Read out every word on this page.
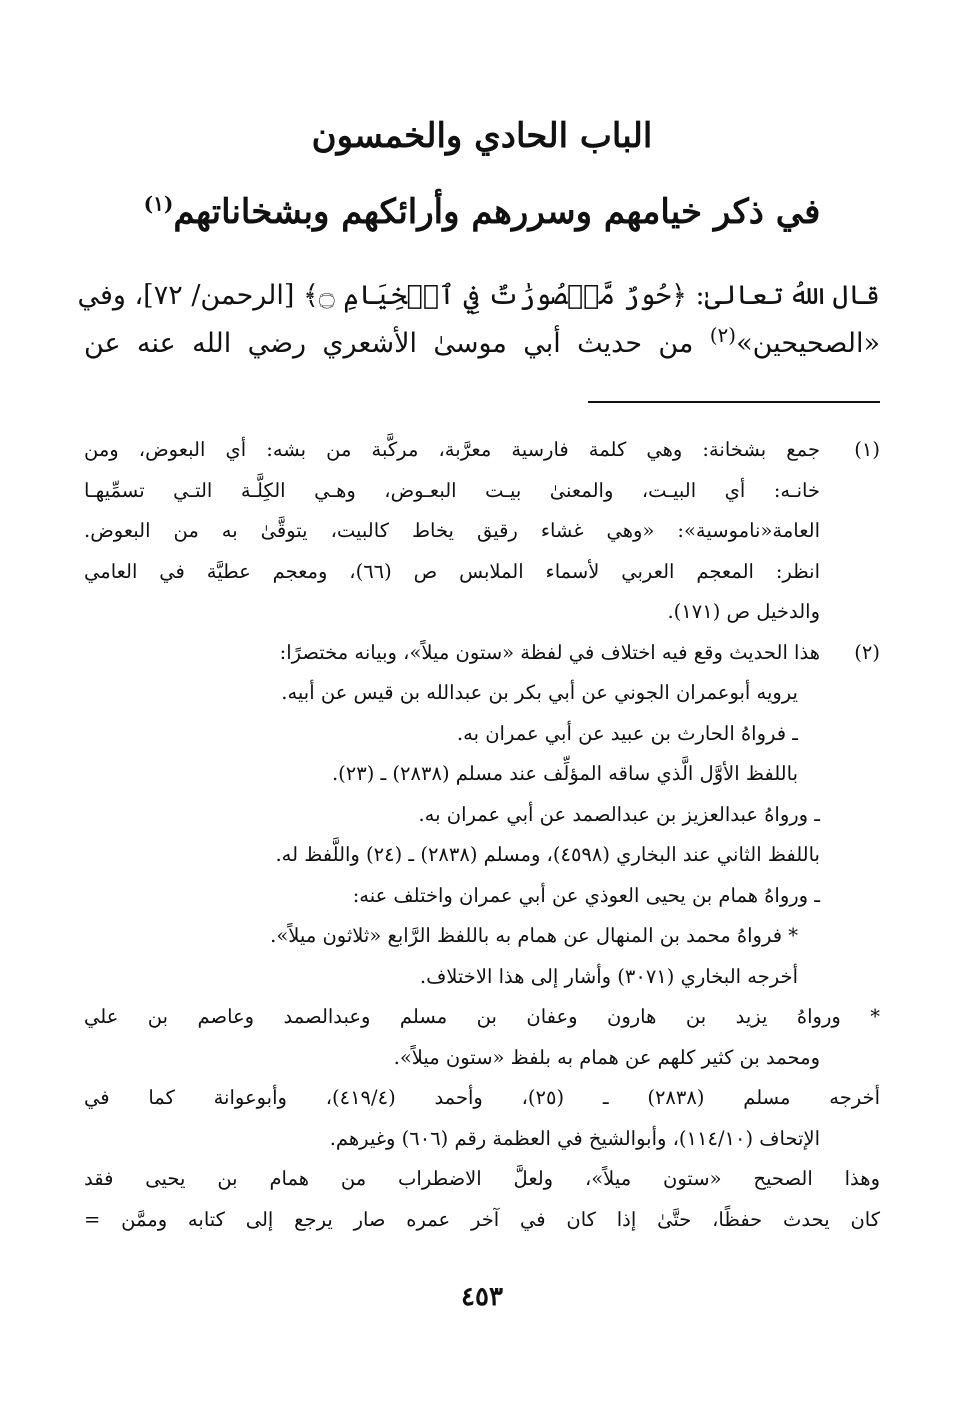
الباب الحادي والخمسون
في ذكر خيامهم وسررهم وأرائكهم وبشخاناتهم$^{(١)}$
قال اللهُ تعالىٰ: ﴿حُورٌ مَّقۡصُورَٰتٌ فِي ٱلۡخِيَامِ ۝﴾ [الرحمن/ ٧٢]، وفي
«الصحيحين»$^{(٢)}$ من حديث أبي موسىٰ الأشعري رضي الله عنه عن
(١)
جمع بشخانة: وهي كلمة فارسية معرَّبة، مركَّبة من بشه: أي البعوض، ومن
خانـه: أي البيـت، والمعنىٰ بيـت البعـوض، وهـي الكِلَّـة التـي تسمِّيهـا
العامة«ناموسية»: «وهي غشاء رقيق يخاط كالبيت، يتوقَّىٰ به من البعوض.
انظر: المعجم العربي لأسماء الملابس ص (٦٦)، ومعجم عطيَّة في العامي
والدخيل ص (١٧١).
(٢)
هذا الحديث وقع فيه اختلاف في لفظة «ستون ميلاً»، وبيانه مختصرًا:
يرويه أبوعمران الجوني عن أبي بكر بن عبدالله بن قيس عن أبيه.
ـ فرواهُ الحارث بن عبيد عن أبي عمران به.
باللفظ الأوَّل الَّذي ساقه المؤلِّف عند مسلم (٢٨٣٨) ـ (٢٣).
ـ ورواهُ عبدالعزيز بن عبدالصمد عن أبي عمران به.
باللفظ الثاني عند البخاري (٤٥٩٨)، ومسلم (٢٨٣٨) ـ (٢٤) واللَّفظ له.
ـ ورواهُ همام بن يحيى العوذي عن أبي عمران واختلف عنه:
* فرواهُ محمد بن المنهال عن همام به باللفظ الرَّابع «ثلاثون ميلاً».
أخرجه البخاري (٣٠٧١) وأشار إلى هذا الاختلاف.
* ورواهُ يزيد بن هارون وعفان بن مسلم وعبدالصمد وعاصم بن علي
ومحمد بن كثير كلهم عن همام به بلفظ «ستون ميلاً».
أخرجه مسلم (٢٨٣٨) ـ (٢٥)، وأحمد (٤١٩/٤)، وأبوعوانة كما في
الإتحاف (١١٤/١٠)، وأبوالشيخ في العظمة رقم (٦٠٦) وغيرهم.
وهذا الصحيح «ستون ميلاً»، ولعلَّ الاضطراب من همام بن يحيى فقد
كان يحدث حفظًا، حتَّىٰ إذا كان في آخر عمره صار يرجع إلى كتابه وممَّن =
٤٥٣
